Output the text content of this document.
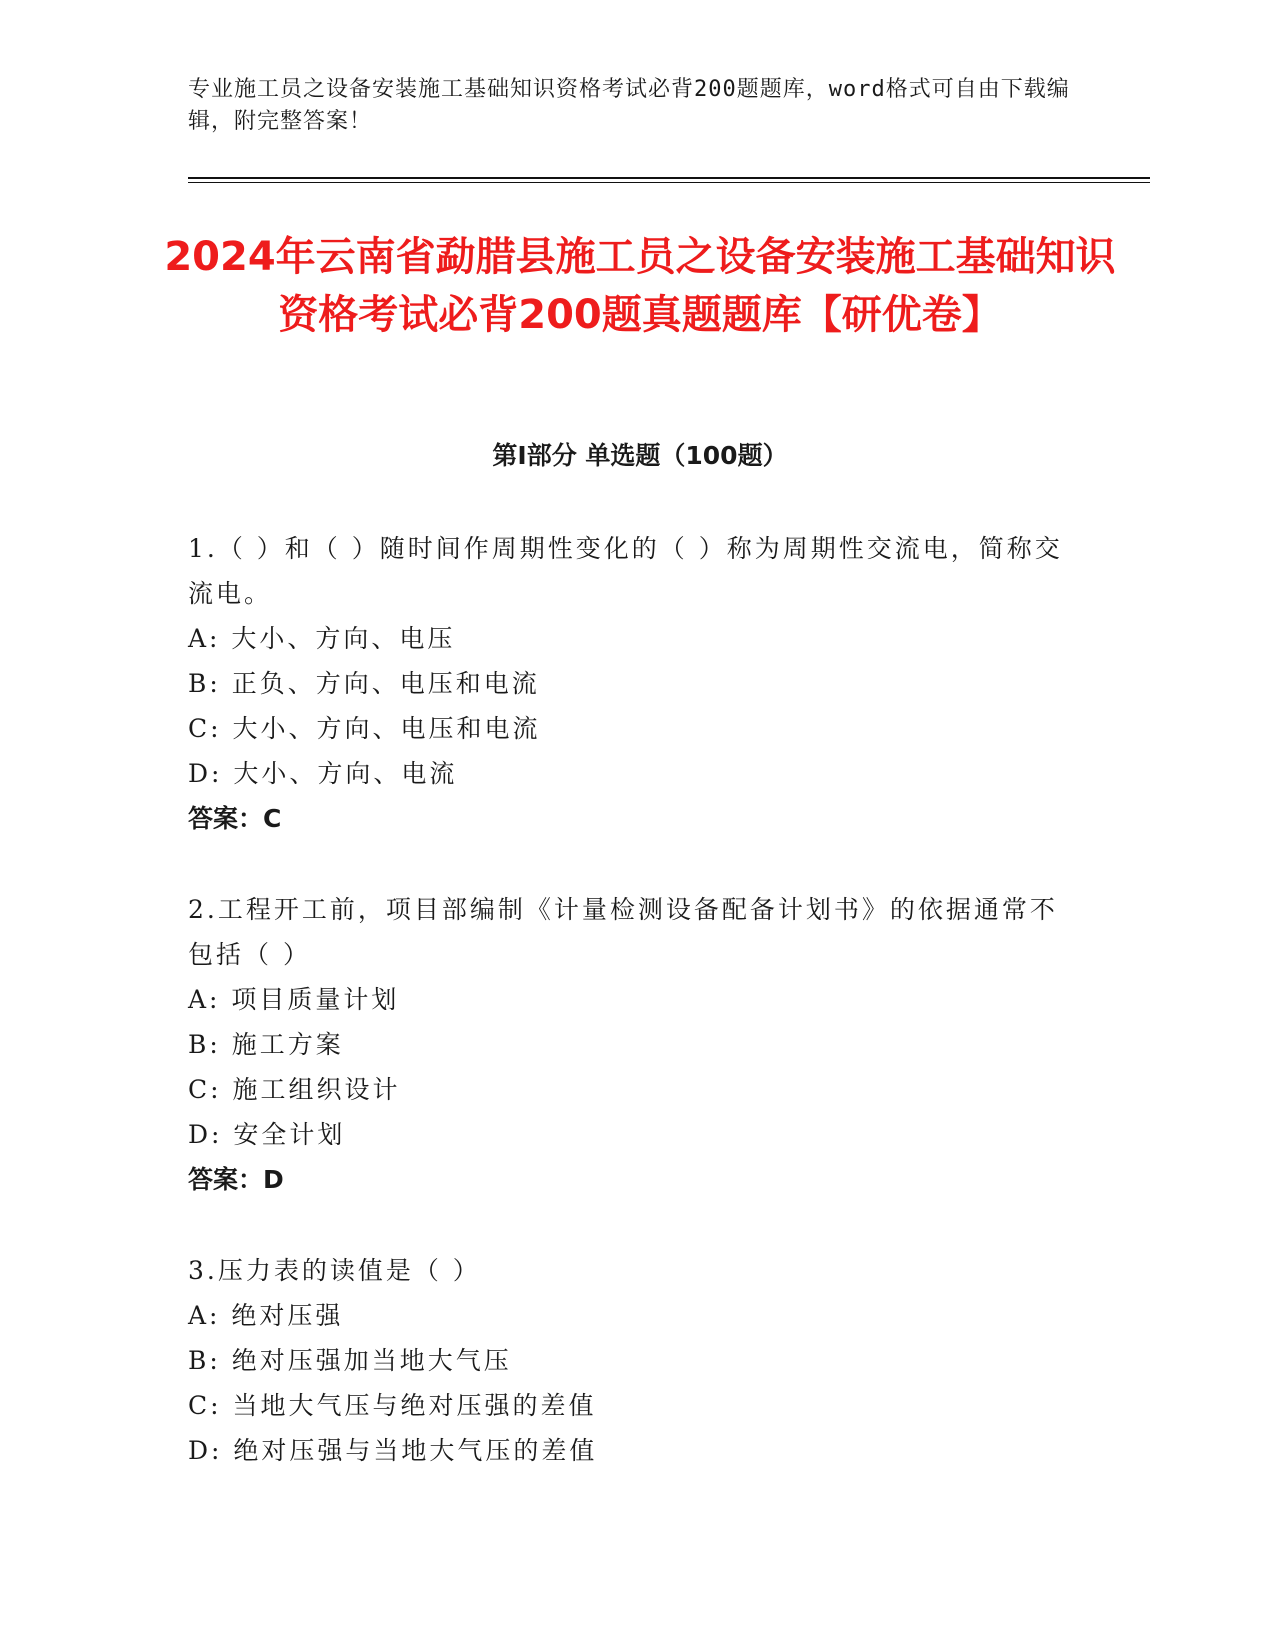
专业施工员之设备安装施工基础知识资格考试必背200题题库，word格式可自由下载编辑，附完整答案！
2024年云南省勐腊县施工员之设备安装施工基础知识资格考试必背200题真题题库【研优卷】
第Ⅰ部分 单选题（100题）
1.（ ）和（ ）随时间作周期性变化的（ ）称为周期性交流电，简称交流电。
A: 大小、方向、电压
B: 正负、方向、电压和电流
C: 大小、方向、电压和电流
D: 大小、方向、电流
答案：C
2.工程开工前，项目部编制《计量检测设备配备计划书》的依据通常不包括（ ）
A: 项目质量计划
B: 施工方案
C: 施工组织设计
D: 安全计划
答案：D
3.压力表的读值是（ ）
A: 绝对压强
B: 绝对压强加当地大气压
C: 当地大气压与绝对压强的差值
D: 绝对压强与当地大气压的差值
